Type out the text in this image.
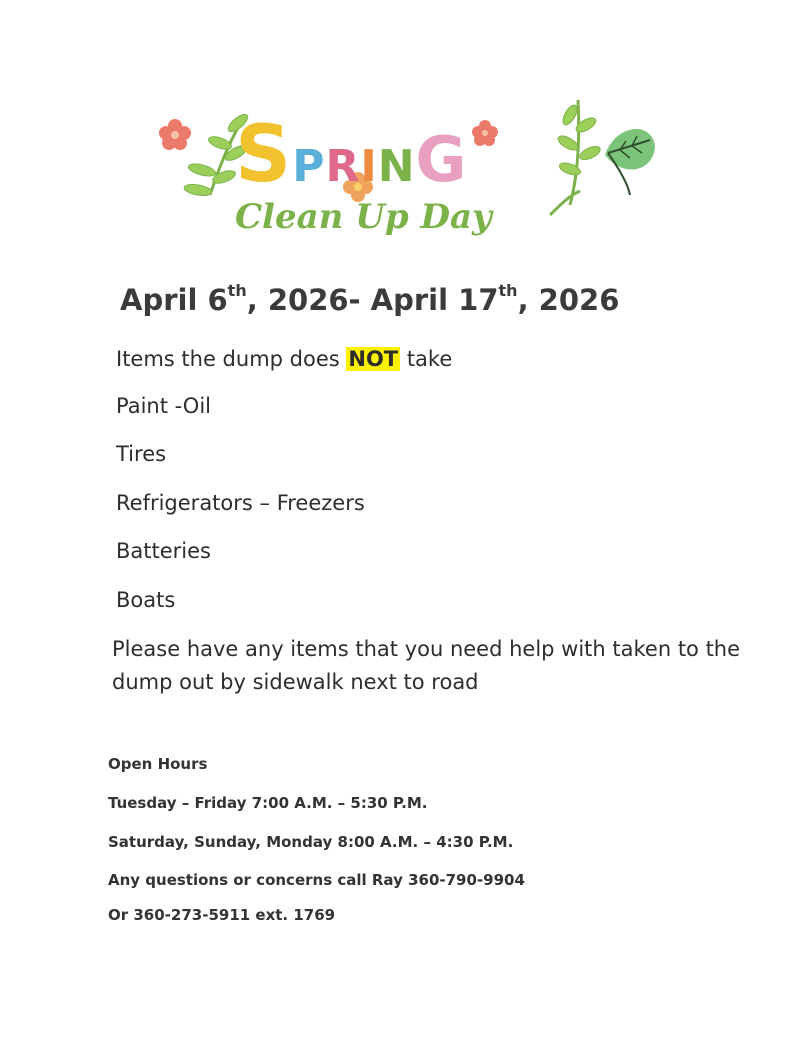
SPRING
Clean Up Day
April 6th, 2026- April 17th, 2026
Items the dump does NOT take
Paint -Oil
Tires
Refrigerators – Freezers
Batteries
Boats
Please have any items that you need help with taken to the dump out by sidewalk next to road
Open Hours
Tuesday – Friday 7:00 A.M. – 5:30 P.M.
Saturday, Sunday, Monday 8:00 A.M. – 4:30 P.M.
Any questions or concerns call Ray 360-790-9904
Or 360-273-5911 ext. 1769
